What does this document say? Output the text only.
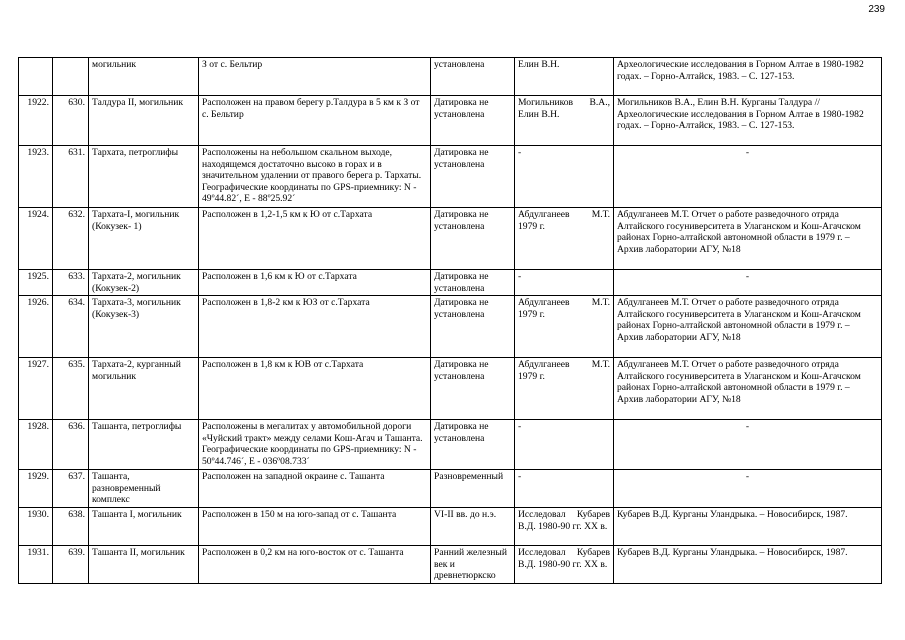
239
		могильник	З от с. Бельтир	установлена	Елин В.Н.	Археологические исследования в Горном Алтае в 1980-1982 годах. – Горно-Алтайск, 1983. – С. 127-153.
1922.	630.	Талдура II, могильник	Расположен на правом берегу р.Талдура в 5 км к З от с. Бельтир	Датировка не установлена	Могильников В.А., Елин В.Н.	Могильников В.А., Елин В.Н. Курганы Талдура // Археологические исследования в Горном Алтае в 1980-1982 годах. – Горно-Алтайск, 1983. – С. 127-153.
1923.	631.	Тархата, петроглифы	Расположены на небольшом скальном выходе, находящемся достаточно высоко в горах и в значительном удалении от правого берега р. Тархаты. Географические координаты по GPS-приемнику: N - 49º44.82´, E - 88º25.92´	Датировка не установлена	-	-
1924.	632.	Тархата-I, могильник (Кокузек- 1)	Расположен в 1,2-1,5 км к Ю от с.Тархата	Датировка не установлена	Абдулганеев М.Т. 1979 г.	Абдулганеев М.Т. Отчет о работе разведочного отряда Алтайского госуниверситета в Улаганском и Кош-Агачском районах Горно-алтайской автономной области в 1979 г. – Архив лаборатории АГУ, №18
1925.	633.	Тархата-2, могильник (Кокузек-2)	Расположен в 1,6 км к Ю от с.Тархата	Датировка не установлена	-	-
1926.	634.	Тархата-3, могильник (Кокузек-3)	Расположен в 1,8-2 км к ЮЗ от с.Тархата	Датировка не установлена	Абдулганеев М.Т. 1979 г.	Абдулганеев М.Т. Отчет о работе разведочного отряда Алтайского госуниверситета в Улаганском и Кош-Агачском районах Горно-алтайской автономной области в 1979 г. – Архив лаборатории АГУ, №18
1927.	635.	Тархата-2, курганный могильник	Расположен в 1,8 км к ЮВ от с.Тархата	Датировка не установлена	Абдулганеев М.Т. 1979 г.	Абдулганеев М.Т. Отчет о работе разведочного отряда Алтайского госуниверситета в Улаганском и Кош-Агачском районах Горно-алтайской автономной области в 1979 г. – Архив лаборатории АГУ, №18
1928.	636.	Ташанта, петроглифы	Расположены в мегалитах у автомобильной дороги «Чуйский тракт» между селами Кош-Агач и Ташанта. Географические координаты по GPS-приемнику: N - 50º44.746´, E - 036º08.733´	Датировка не установлена	-	-
1929.	637.	Ташанта, разновременный комплекс	Расположен на западной окраине с. Ташанта	Разновременный	-	-
1930.	638.	Ташанта I, могильник	Расположен в 150 м на юго-запад от с. Ташанта	VI-II вв. до н.э.	Исследовал Кубарев В.Д. 1980-90 гг. XX в.	Кубарев В.Д. Курганы Уландрыка. – Новосибирск, 1987.
1931.	639.	Ташанта II, могильник	Расположен в 0,2 км на юго-восток от с. Ташанта	Ранний железный век и древнетюркско	Исследовал Кубарев В.Д. 1980-90 гг. XX в.	Кубарев В.Д. Курганы Уландрыка. – Новосибирск, 1987.
